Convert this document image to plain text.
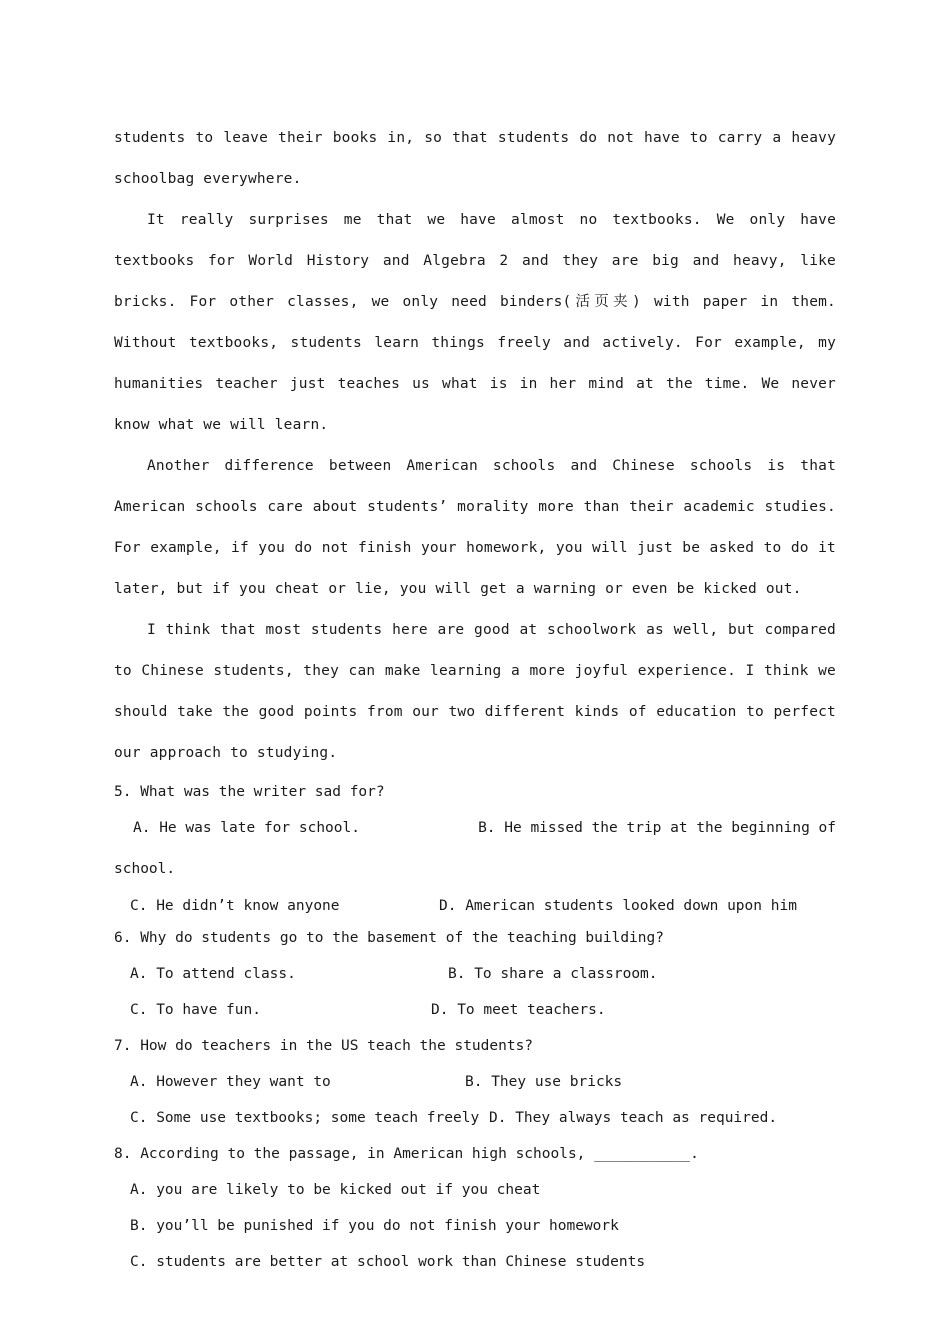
students to leave their books in, so that students do not have to carry a heavy schoolbag everywhere.

It really surprises me that we have almost no textbooks. We only have textbooks for World History and Algebra 2 and they are big and heavy, like bricks. For other classes, we only need binders(活页夹) with paper in them. Without textbooks, students learn things freely and actively. For example, my humanities teacher just teaches us what is in her mind at the time. We never know what we will learn.

Another difference between American schools and Chinese schools is that American schools care about students’ morality more than their academic studies. For example, if you do not finish your homework, you will just be asked to do it later, but if you cheat or lie, you will get a warning or even be kicked out.

I think that most students here are good at schoolwork as well, but compared to Chinese students, they can make learning a more joyful experience. I think we should take the good points from our two different kinds of education to perfect our approach to studying.

5. What was the writer sad for?

A. He was late for school.	B. He missed the trip at the beginning of

school.

C. He didn’t know anyone	D. American students looked down upon him

6. Why do students go to the basement of the teaching building?

A. To attend class.	B. To share a classroom.
C. To have fun.	D. To meet teachers.

7. How do teachers in the US teach the students?

A. However they want to	B. They use bricks
C. Some use textbooks; some teach freely D. They always teach as required.

8. According to the passage, in American high schools, ___________.

A. you are likely to be kicked out if you cheat

B. you’ll be punished if you do not finish your homework

C. students are better at school work than Chinese students
